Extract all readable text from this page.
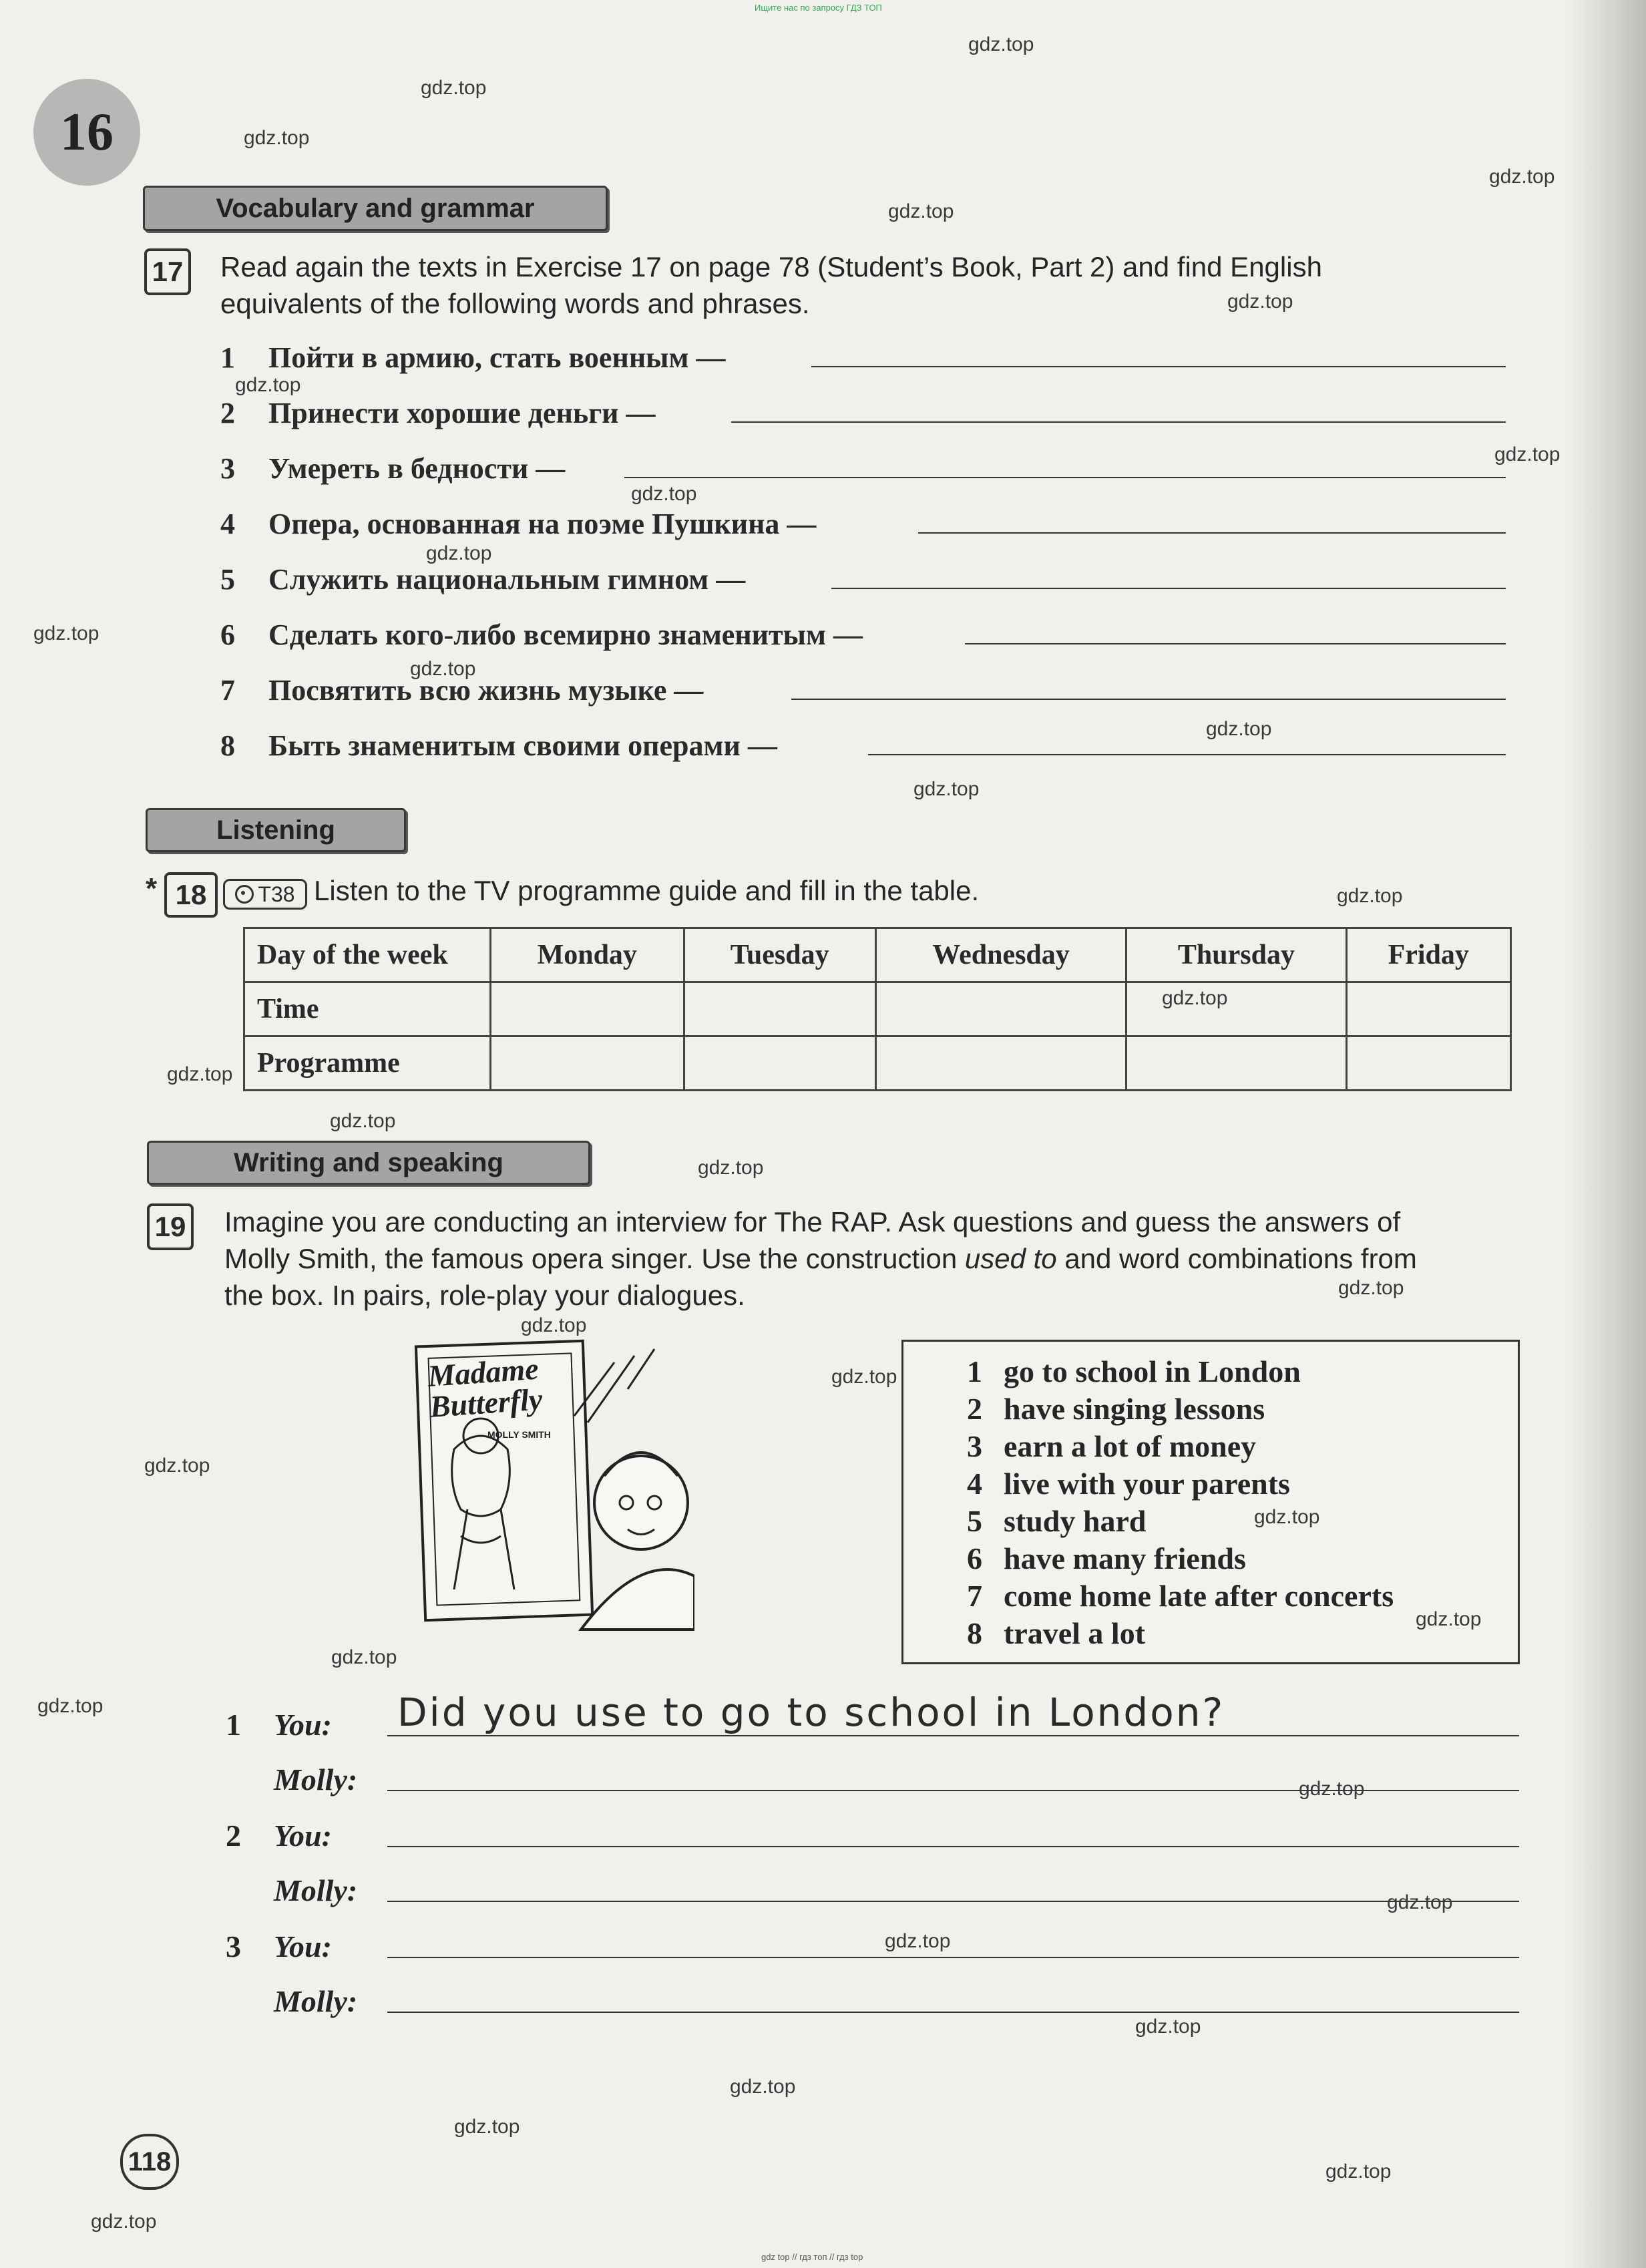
Ищите нас по запросу ГДЗ ТОП
16
Vocabulary and grammar
17 Read again the texts in Exercise 17 on page 78 (Student’s Book, Part 2) and find English
equivalents of the following words and phrases.
1	Пойти в армию, стать военным —
2	Принести хорошие деньги —
3	Умереть в бедности —
4	Опера, основанная на поэме Пушкина —
5	Служить национальным гимном —
6	Сделать кого-либо всемирно знаменитым —
7	Посвятить всю жизнь музыке —
8	Быть знаменитым своими операми —
Listening
* 18	T38 Listen to the TV programme guide and fill in the table.
Day of the week	Monday	Tuesday	Wednesday	Thursday	Friday
Time					
Programme					
Writing and speaking
19 Imagine you are conducting an interview for The RAP. Ask questions and guess the answers of
Molly Smith, the famous opera singer. Use the construction used to and word combinations from
the box. In pairs, role-play your dialogues.
Madame Butterfly
MOLLY SMITH
1 go to school in London
2 have singing lessons
3 earn a lot of money
4 live with your parents
5 study hard
6 have many friends
7 come home late after concerts
8 travel a lot
1 You: Did you use to go to school in London?
Molly:
2 You:
Molly:
3 You:
Molly:
118
gdz top // гдз топ // гдз top
gdz.top
gdz.top
gdz.top
gdz.top
gdz.top
gdz.top
gdz.top
gdz.top
gdz.top
gdz.top
gdz.top
gdz.top
gdz.top
gdz.top
gdz.top
gdz.top
gdz.top
gdz.top
gdz.top
gdz.top
gdz.top
gdz.top
gdz.top
gdz.top
gdz.top
gdz.top
gdz.top
gdz.top
gdz.top
gdz.top
gdz.top
gdz.top
gdz.top
gdz.top
gdz.top
